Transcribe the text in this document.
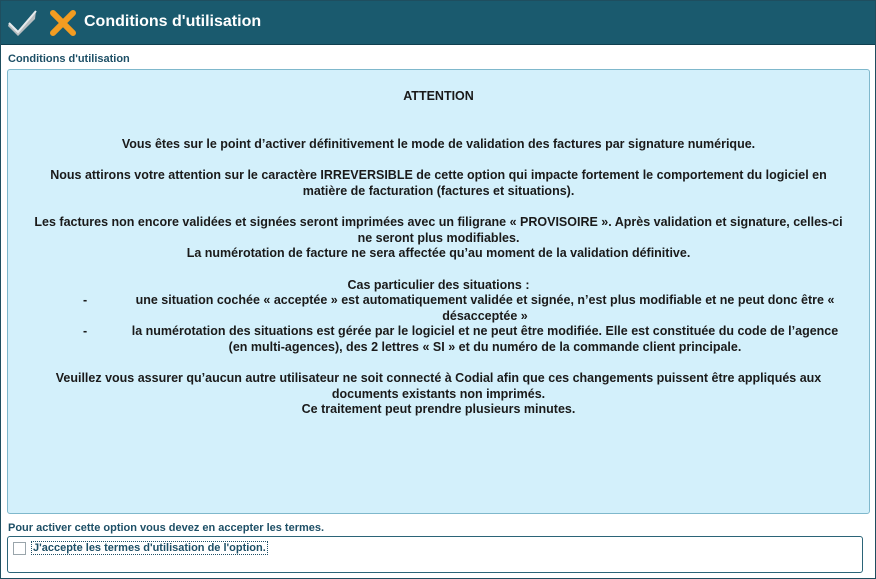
Conditions d'utilisation
Conditions d'utilisation

ATTENTION

Vous êtes sur le point d’activer définitivement le mode de validation des factures par signature numérique.

Nous attirons votre attention sur le caractère IRREVERSIBLE de cette option qui impacte fortement le comportement du logiciel en

matière de facturation (factures et situations).

Les factures non encore validées et signées seront imprimées avec un filigrane « PROVISOIRE ». Après validation et signature, celles-ci

ne seront plus modifiables.

La numérotation de facture ne sera affectée qu’au moment de la validation définitive.

Cas particulier des situations :

-	une situation cochée « acceptée » est automatiquement validée et signée, n’est plus modifiable et ne peut donc être «
désacceptée »
-	la numérotation des situations est gérée par le logiciel et ne peut être modifiée. Elle est constituée du code de l’agence
(en multi-agences), des 2 lettres « SI » et du numéro de la commande client principale.

Veuillez vous assurer qu’aucun autre utilisateur ne soit connecté à Codial afin que ces changements puissent être appliqués aux

documents existants non imprimés.

Ce traitement peut prendre plusieurs minutes.

Pour activer cette option vous devez en accepter les termes.
J'accepte les termes d'utilisation de l'option.
